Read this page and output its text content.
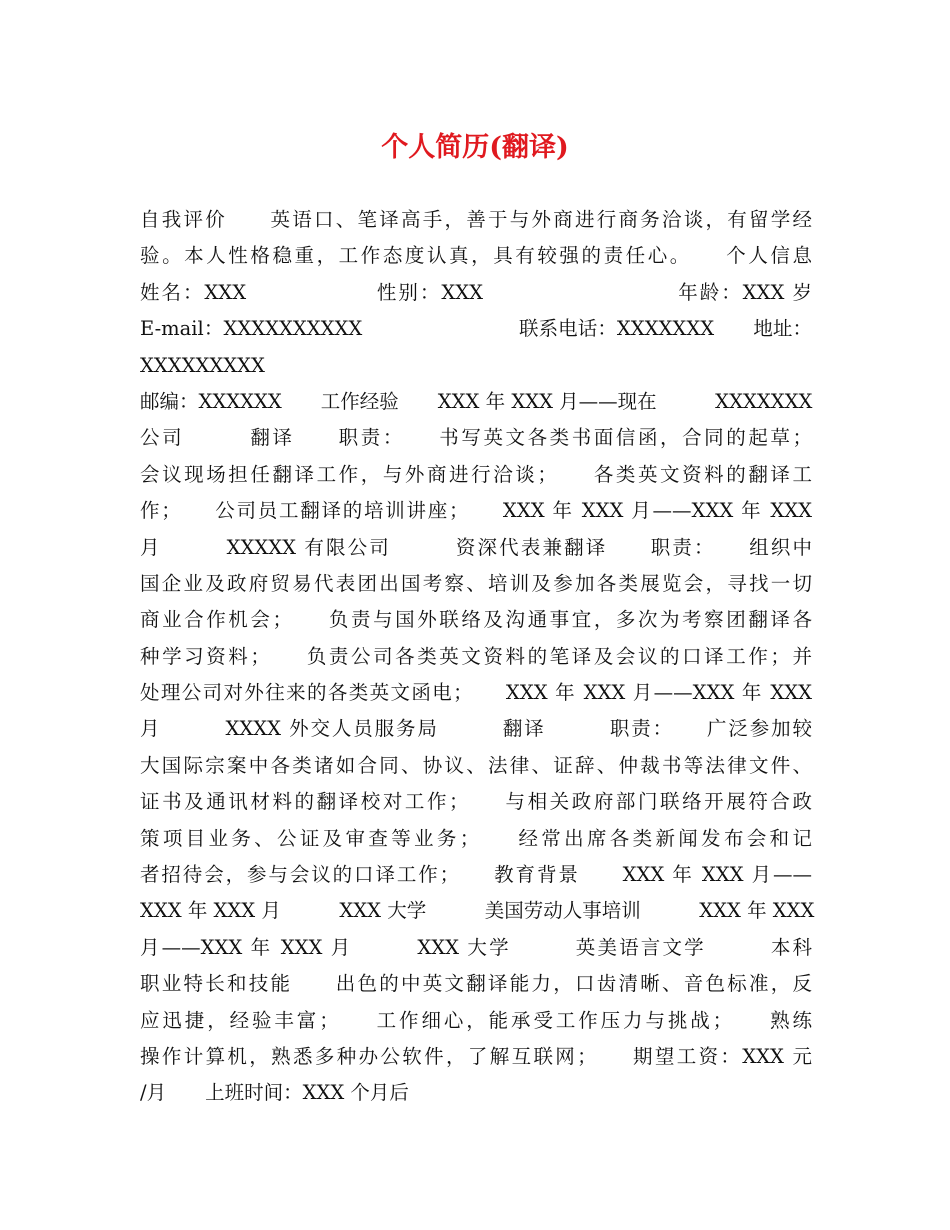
个人简历(翻译)
自我评价　　英语口、笔译高手，善于与外商进行商务洽谈，有留学经
验。本人性格稳重，工作态度认真，具有较强的责任心。　　个人信息
姓名：XXX　　　　　　性别：XXX　　　　　　　　　年龄：XXX 岁
E-mail：XXXXXXXXXX　　　　　　　　联系电话：XXXXXXX　　地址：
XXXXXXXXX
邮编：XXXXXX　　工作经验　　XXX 年 XXX 月——现在　　　XXXXXXX
公司　　　翻译　　职责：　　书写英文各类书面信函，合同的起草；
会议现场担任翻译工作，与外商进行洽谈；　　各类英文资料的翻译工
作；　　公司员工翻译的培训讲座；　　XXX 年 XXX 月——XXX 年 XXX
月　　　XXXXX 有限公司　　　资深代表兼翻译　　职责：　　组织中
国企业及政府贸易代表团出国考察、培训及参加各类展览会，寻找一切
商业合作机会；　　负责与国外联络及沟通事宜，多次为考察团翻译各
种学习资料；　　负责公司各类英文资料的笔译及会议的口译工作；并
处理公司对外往来的各类英文函电；　　XXX 年 XXX 月——XXX 年 XXX
月　　　XXXX 外交人员服务局　　　翻译　　　职责：　　广泛参加较
大国际宗案中各类诸如合同、协议、法律、证辞、仲裁书等法律文件、
证书及通讯材料的翻译校对工作；　　与相关政府部门联络开展符合政
策项目业务、公证及审查等业务；　　经常出席各类新闻发布会和记
者招待会，参与会议的口译工作；　　教育背景　　XXX 年 XXX 月——
XXX 年 XXX 月　　　XXX 大学　　　美国劳动人事培训　　　XXX 年 XXX
月——XXX 年 XXX 月　　　XXX 大学　　　英美语言文学　　　本科
职业特长和技能　　出色的中英文翻译能力，口齿清晰、音色标准，反
应迅捷，经验丰富；　　工作细心，能承受工作压力与挑战；　　熟练
操作计算机，熟悉多种办公软件，了解互联网；　　期望工资：XXX 元
/月　　上班时间：XXX 个月后
